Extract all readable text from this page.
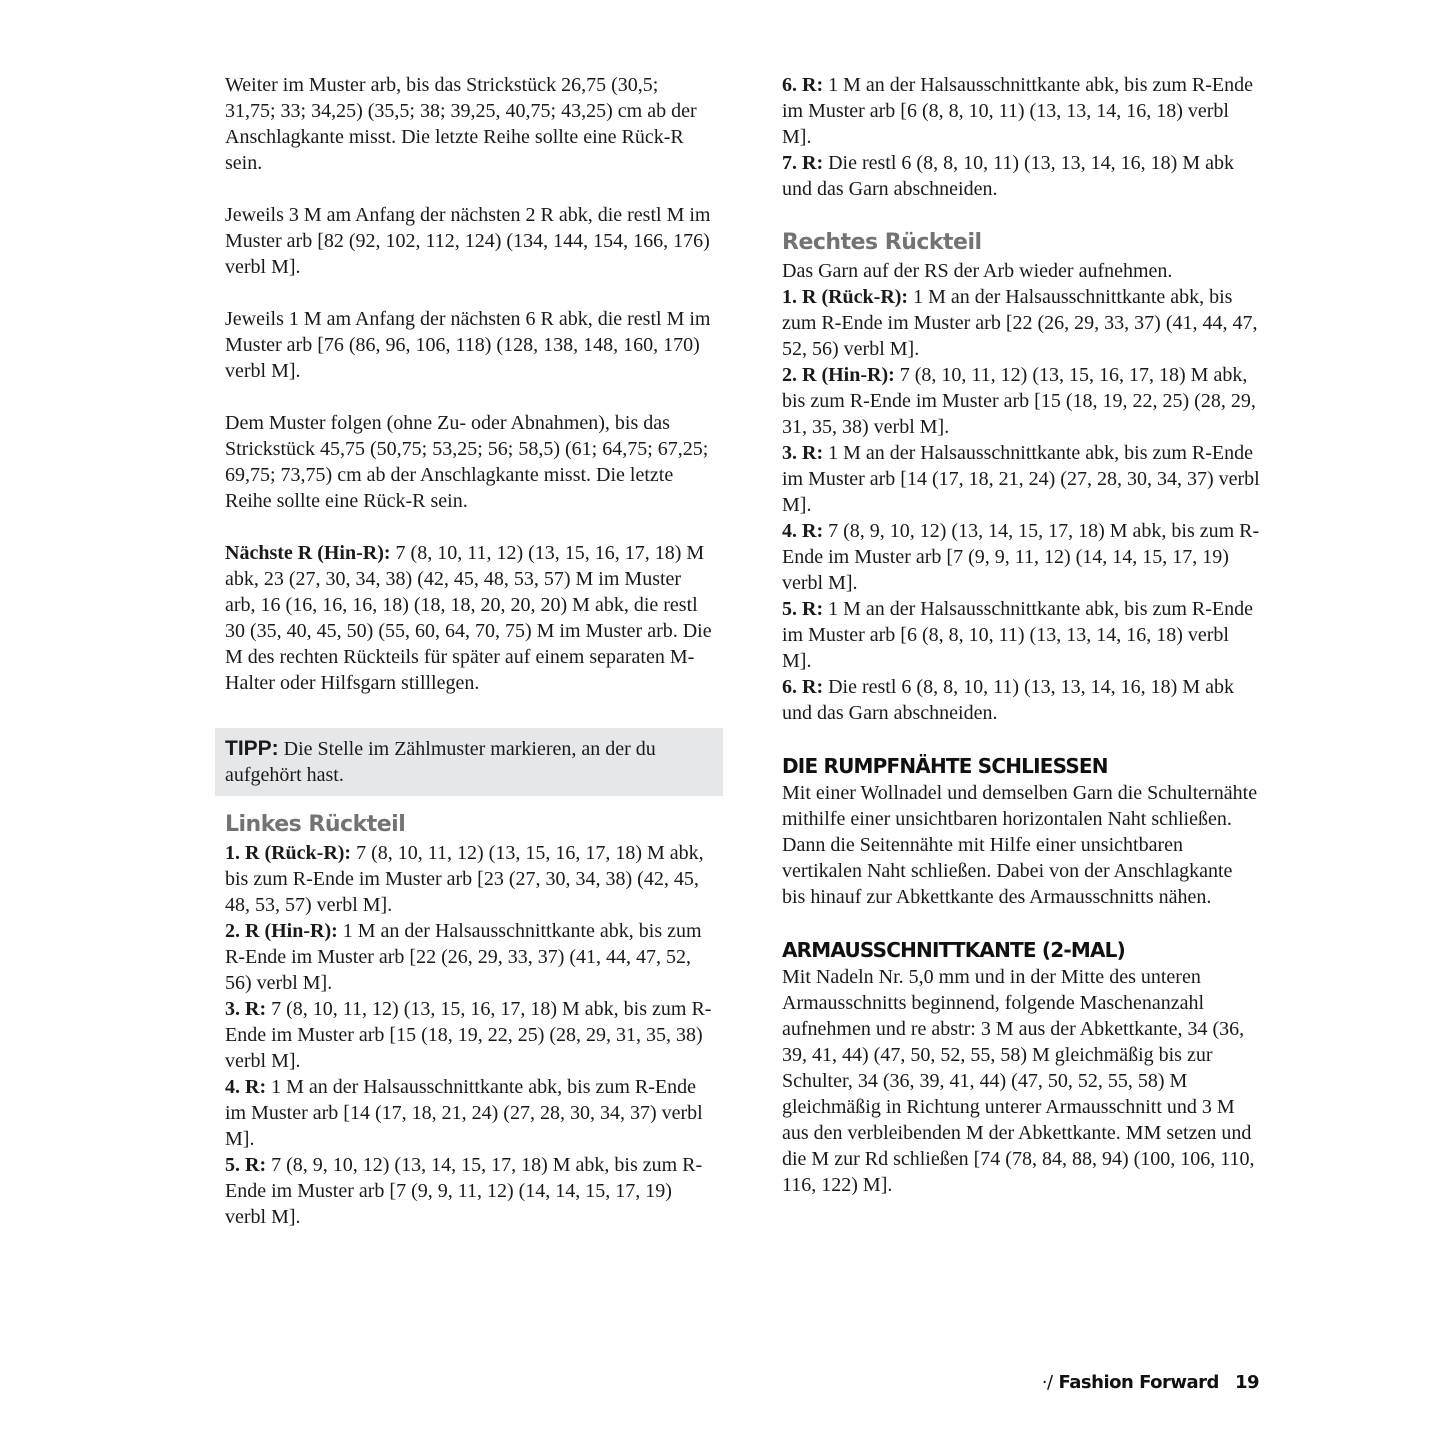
Weiter im Muster arb, bis das Strickstück 26,75 (30,5; 31,75; 33; 34,25) (35,5; 38; 39,25, 40,75; 43,25) cm ab der Anschlagkante misst. Die letzte Reihe sollte eine Rück-R sein.

Jeweils 3 M am Anfang der nächsten 2 R abk, die restl M im Muster arb [82 (92, 102, 112, 124) (134, 144, 154, 166, 176) verbl M].

Jeweils 1 M am Anfang der nächsten 6 R abk, die restl M im Muster arb [76 (86, 96, 106, 118) (128, 138, 148, 160, 170) verbl M].

Dem Muster folgen (ohne Zu- oder Abnahmen), bis das Strickstück 45,75 (50,75; 53,25; 56; 58,5) (61; 64,75; 67,25; 69,75; 73,75) cm ab der Anschlagkante misst. Die letzte Reihe sollte eine Rück-R sein.

Nächste R (Hin-R): 7 (8, 10, 11, 12) (13, 15, 16, 17, 18) M abk, 23 (27, 30, 34, 38) (42, 45, 48, 53, 57) M im Muster arb, 16 (16, 16, 16, 18) (18, 18, 20, 20, 20) M abk, die restl 30 (35, 40, 45, 50) (55, 60, 64, 70, 75) M im Muster arb. Die M des rechten Rückteils für später auf einem separaten M-Halter oder Hilfsgarn stilllegen.

TIPP: Die Stelle im Zählmuster markieren, an der du aufgehört hast.
Linkes Rückteil

1. R (Rück-R): 7 (8, 10, 11, 12) (13, 15, 16, 17, 18) M abk, bis zum R-Ende im Muster arb [23 (27, 30, 34, 38) (42, 45, 48, 53, 57) verbl M].

2. R (Hin-R): 1 M an der Halsausschnittkante abk, bis zum R-Ende im Muster arb [22 (26, 29, 33, 37) (41, 44, 47, 52, 56) verbl M].

3. R: 7 (8, 10, 11, 12) (13, 15, 16, 17, 18) M abk, bis zum R-Ende im Muster arb [15 (18, 19, 22, 25) (28, 29, 31, 35, 38) verbl M].

4. R: 1 M an der Halsausschnittkante abk, bis zum R-Ende im Muster arb [14 (17, 18, 21, 24) (27, 28, 30, 34, 37) verbl M].

5. R: 7 (8, 9, 10, 12) (13, 14, 15, 17, 18) M abk, bis zum R-Ende im Muster arb [7 (9, 9, 11, 12) (14, 14, 15, 17, 19) verbl M].

6. R: 1 M an der Halsausschnittkante abk, bis zum R-Ende im Muster arb [6 (8, 8, 10, 11) (13, 13, 14, 16, 18) verbl M].

7. R: Die restl 6 (8, 8, 10, 11) (13, 13, 14, 16, 18) M abk und das Garn abschneiden.

Rechtes Rückteil

Das Garn auf der RS der Arb wieder aufnehmen.

1. R (Rück-R): 1 M an der Halsausschnittkante abk, bis zum R-Ende im Muster arb [22 (26, 29, 33, 37) (41, 44, 47, 52, 56) verbl M].

2. R (Hin-R): 7 (8, 10, 11, 12) (13, 15, 16, 17, 18) M abk, bis zum R-Ende im Muster arb [15 (18, 19, 22, 25) (28, 29, 31, 35, 38) verbl M].

3. R: 1 M an der Halsausschnittkante abk, bis zum R-Ende im Muster arb [14 (17, 18, 21, 24) (27, 28, 30, 34, 37) verbl M].

4. R: 7 (8, 9, 10, 12) (13, 14, 15, 17, 18) M abk, bis zum R-Ende im Muster arb [7 (9, 9, 11, 12) (14, 14, 15, 17, 19) verbl M].

5. R: 1 M an der Halsausschnittkante abk, bis zum R-Ende im Muster arb [6 (8, 8, 10, 11) (13, 13, 14, 16, 18) verbl M].

6. R: Die restl 6 (8, 8, 10, 11) (13, 13, 14, 16, 18) M abk und das Garn abschneiden.

DIE RUMPFNÄHTE SCHLIESSEN

Mit einer Wollnadel und demselben Garn die Schulternähte mithilfe einer unsichtbaren horizontalen Naht schließen. Dann die Seitennähte mit Hilfe einer unsichtbaren vertikalen Naht schließen. Dabei von der Anschlagkante bis hinauf zur Abkettkante des Armausschnitts nähen.

ARMAUSSCHNITTKANTE (2-MAL)

Mit Nadeln Nr. 5,0 mm und in der Mitte des unteren Armausschnitts beginnend, folgende Maschenanzahl aufnehmen und re abstr: 3 M aus der Abkettkante, 34 (36, 39, 41, 44) (47, 50, 52, 55, 58) M gleichmäßig bis zur Schulter, 34 (36, 39, 41, 44) (47, 50, 52, 55, 58) M gleichmäßig in Richtung unterer Armausschnitt und 3 M aus den verbleibenden M der Abkettkante. MM setzen und die M zur Rd schließen [74 (78, 84, 88, 94) (100, 106, 110, 116, 122) M].

·/ Fashion Forward 19
